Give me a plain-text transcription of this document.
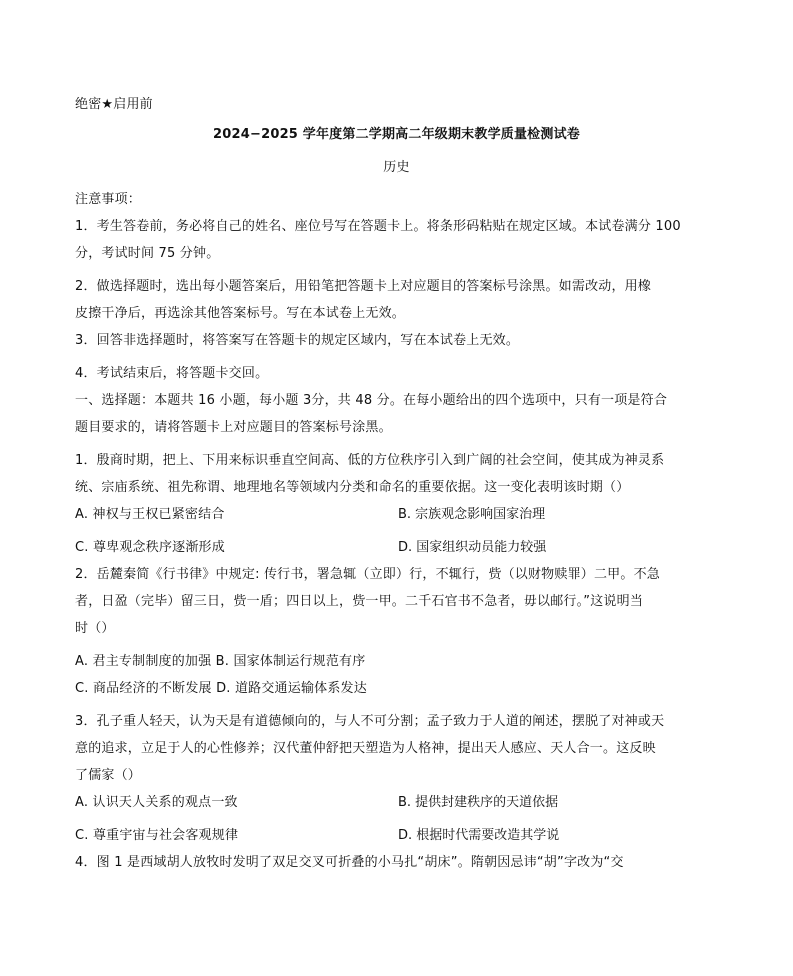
绝密★启用前
2024−2025 学年度第二学期高二年级期末教学质量检测试卷
历史
注意事项：
1．考生答卷前，务必将自己的姓名、座位号写在答题卡上。将条形码粘贴在规定区域。本试卷满分 100
分，考试时间 75 分钟。
2．做选择题时，选出每小题答案后，用铅笔把答题卡上对应题目的答案标号涂黑。如需改动，用橡
皮擦干净后，再选涂其他答案标号。写在本试卷上无效。
3．回答非选择题时，将答案写在答题卡的规定区域内，写在本试卷上无效。
4．考试结束后，将答题卡交回。
一、选择题：本题共 16 小题，每小题 3分，共 48 分。在每小题给出的四个选项中，只有一项是符合
题目要求的，请将答题卡上对应题目的答案标号涂黑。
1．殷商时期，把上、下用来标识垂直空间高、低的方位秩序引入到广阔的社会空间，使其成为神灵系
统、宗庙系统、祖先称谓、地理地名等领域内分类和命名的重要依据。这一变化表明该时期（）
A. 神权与王权已紧密结合	B. 宗族观念影响国家治理
C. 尊卑观念秩序逐渐形成	D. 国家组织动员能力较强
2．岳麓秦简《行书律》中规定: 传行书，署急辄（立即）行，不辄行，赀（以财物赎罪）二甲。不急
者，日盈（完毕）留三日，赀一盾；四日以上，赀一甲。二千石官书不急者，毋以邮行。”这说明当
时（）
A. 君主专制制度的加强 B. 国家体制运行规范有序
C. 商品经济的不断发展 D. 道路交通运输体系发达
3．孔子重人轻天，认为天是有道德倾向的，与人不可分割；孟子致力于人道的阐述，摆脱了对神或天
意的追求，立足于人的心性修养；汉代董仲舒把天塑造为人格神，提出天人感应、天人合一。这反映
了儒家（）
A. 认识天人关系的观点一致	B. 提供封建秩序的天道依据
C. 尊重宇宙与社会客观规律	D. 根据时代需要改造其学说
4．图 1 是西域胡人放牧时发明了双足交叉可折叠的小马扎“胡床”。隋朝因忌讳“胡”字改为“交
